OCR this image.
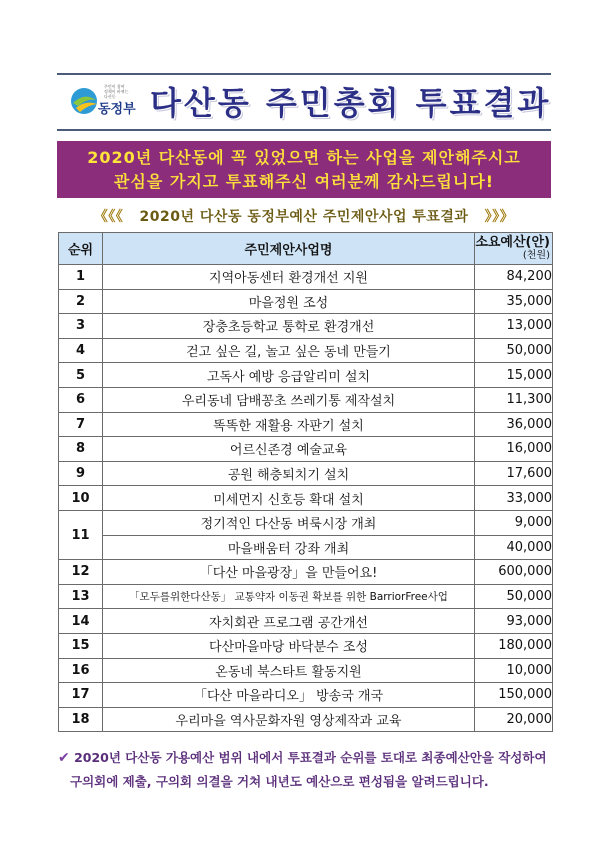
주민이 참여
정책이 바뀌는
다산동
동정부 다산동 주민총회 투표결과
2020년 다산동에 꼭 있었으면 하는 사업을 제안해주시고
관심을 가지고 투표해주신 여러분께 감사드립니다!
《《《 2020년 다산동 동정부예산 주민제안사업 투표결과 》》》
순위	주민제안사업명	소요예산(안)
(천원)

1	지역아동센터 환경개선 지원	84,200
2	마을정원 조성	35,000
3	장충초등학교 통학로 환경개선	13,000
4	걷고 싶은 길, 놀고 싶은 동네 만들기	50,000
5	고독사 예방 응급알리미 설치	15,000
6	우리동네 담배꽁초 쓰레기통 제작설치	11,300
7	똑똑한 재활용 자판기 설치	36,000
8	어르신존경 예술교육	16,000
9	공원 해충퇴치기 설치	17,600
10	미세먼지 신호등 확대 설치	33,000
11	정기적인 다산동 벼룩시장 개최	9,000
	마을배움터 강좌 개최	40,000
12	「다산 마을광장」을 만들어요!	600,000
13	「모두를위한다산동」 교통약자 이동권 확보를 위한 BarriorFree사업	50,000
14	자치회관 프로그램 공간개선	93,000
15	다산마을마당 바닥분수 조성	180,000
16	온동네 북스타트 활동지원	10,000
17	「다산 마을라디오」 방송국 개국	150,000
18	우리마을 역사문화자원 영상제작과 교육	20,000
✔ 2020년 다산동 가용예산 범위 내에서 투표결과 순위를 토대로 최종예산안을 작성하여
구의회에 제출, 구의회 의결을 거쳐 내년도 예산으로 편성됨을 알려드립니다.
